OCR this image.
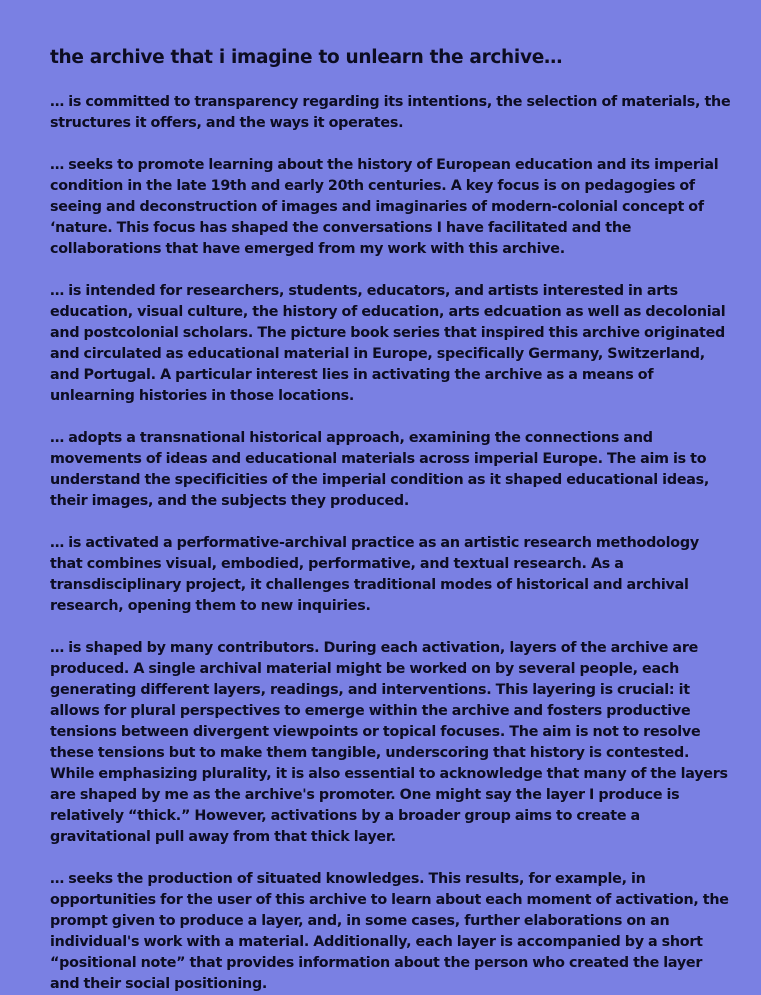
the archive that i imagine to unlearn the archive…

… is committed to transparency regarding its intentions, the selection of materials, the structures it offers, and the ways it operates.

… seeks to promote learning about the history of European education and its imperial condition in the late 19th and early 20th centuries. A key focus is on pedagogies of seeing and deconstruction of images and imaginaries of modern-colonial concept of ‘nature. This focus has shaped the conversations I have facilitated and the collaborations that have emerged from my work with this archive.

… is intended for researchers, students, educators, and artists interested in arts education, visual culture, the history of education, arts edcuation as well as decolonial and postcolonial scholars. The picture book series that inspired this archive originated and circulated as educational material in Europe, specifically Germany, Switzerland, and Portugal. A particular interest lies in activating the archive as a means of unlearning histories in those locations.

… adopts a transnational historical approach, examining the connections and movements of ideas and educational materials across imperial Europe. The aim is to understand the specificities of the imperial condition as it shaped educational ideas, their images, and the subjects they produced.

… is activated a performative-archival practice as an artistic research methodology that combines visual, embodied, performative, and textual research. As a transdisciplinary project, it challenges traditional modes of historical and archival research, opening them to new inquiries.

… is shaped by many contributors. During each activation, layers of the archive are produced. A single archival material might be worked on by several people, each generating different layers, readings, and interventions. This layering is crucial: it allows for plural perspectives to emerge within the archive and fosters productive tensions between divergent viewpoints or topical focuses. The aim is not to resolve these tensions but to make them tangible, underscoring that history is contested. While emphasizing plurality, it is also essential to acknowledge that many of the layers are shaped by me as the archive's promoter. One might say the layer I produce is relatively “thick.” However, activations by a broader group aims to create a gravitational pull away from that thick layer.

… seeks the production of situated knowledges. This results, for example, in opportunities for the user of this archive to learn about each moment of activation, the prompt given to produce a layer, and, in some cases, further elaborations on an individual's work with a material. Additionally, each layer is accompanied by a short “positional note” that provides information about the person who created the layer and their social positioning.
